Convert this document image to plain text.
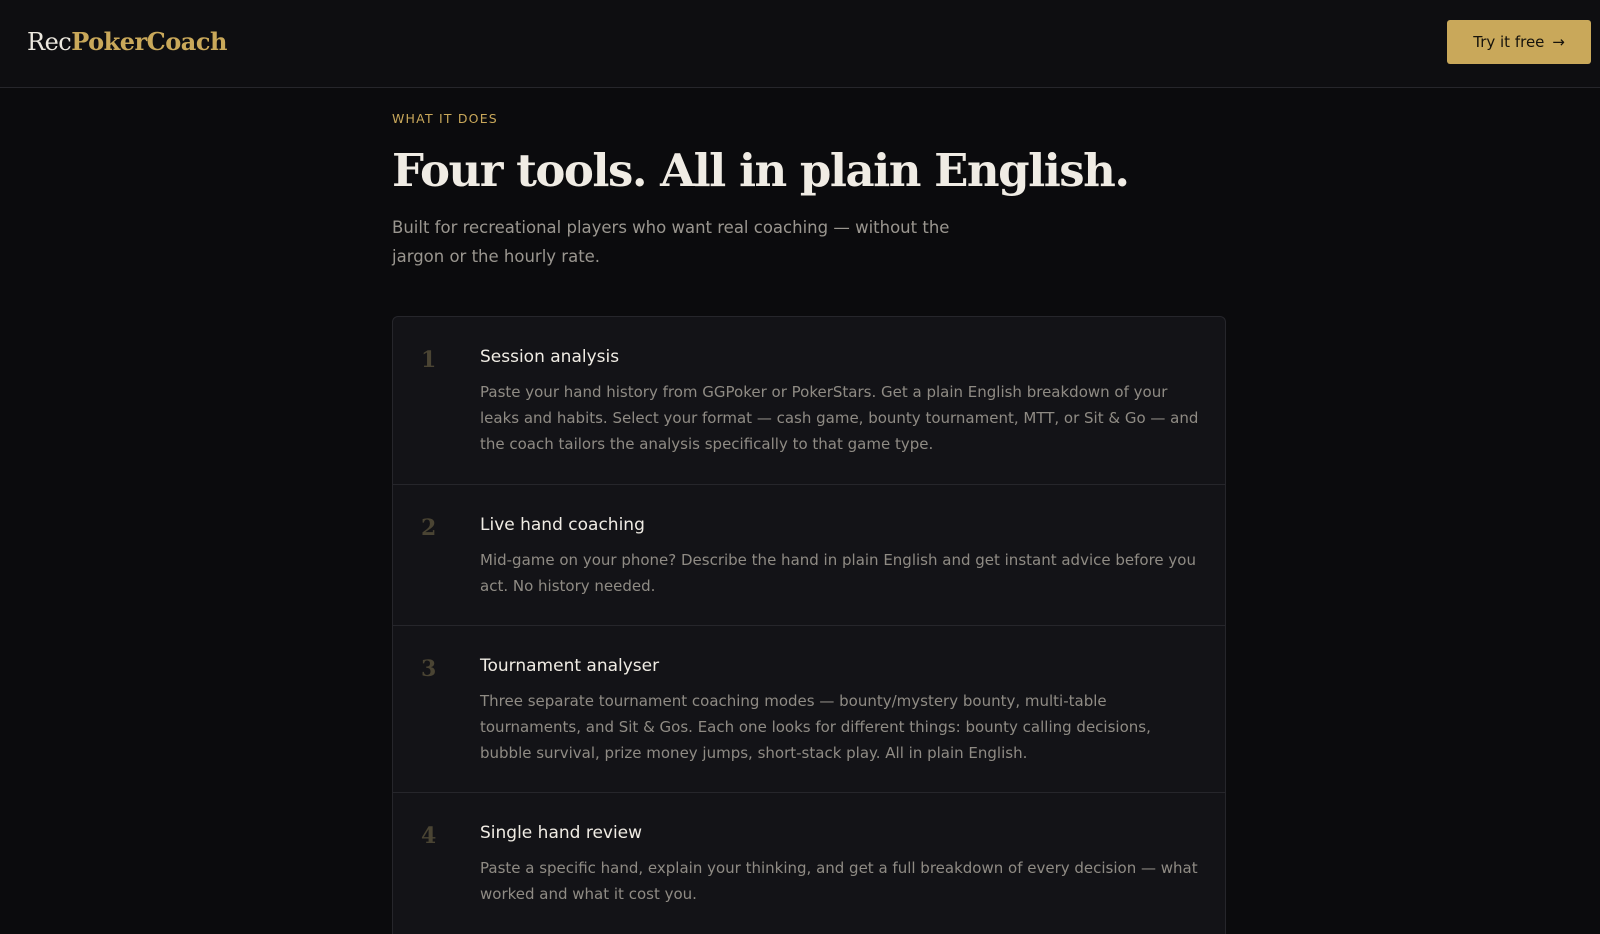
RecPokerCoach	Try it free →
WHAT IT DOES
Four tools. All in plain English.

Built for recreational players who want real coaching — without the jargon or the hourly rate.

1	Session analysis

Paste your hand history from GGPoker or PokerStars. Get a plain English breakdown of your leaks and habits. Select your format — cash game, bounty tournament, MTT, or Sit & Go — and the coach tailors the analysis specifically to that game type.

2	Live hand coaching

Mid-game on your phone? Describe the hand in plain English and get instant advice before you act. No history needed.

3	Tournament analyser

Three separate tournament coaching modes — bounty/mystery bounty, multi-table tournaments, and Sit & Gos. Each one looks for different things: bounty calling decisions, bubble survival, prize money jumps, short-stack play. All in plain English.

4	Single hand review

Paste a specific hand, explain your thinking, and get a full breakdown of every decision — what worked and what it cost you.
